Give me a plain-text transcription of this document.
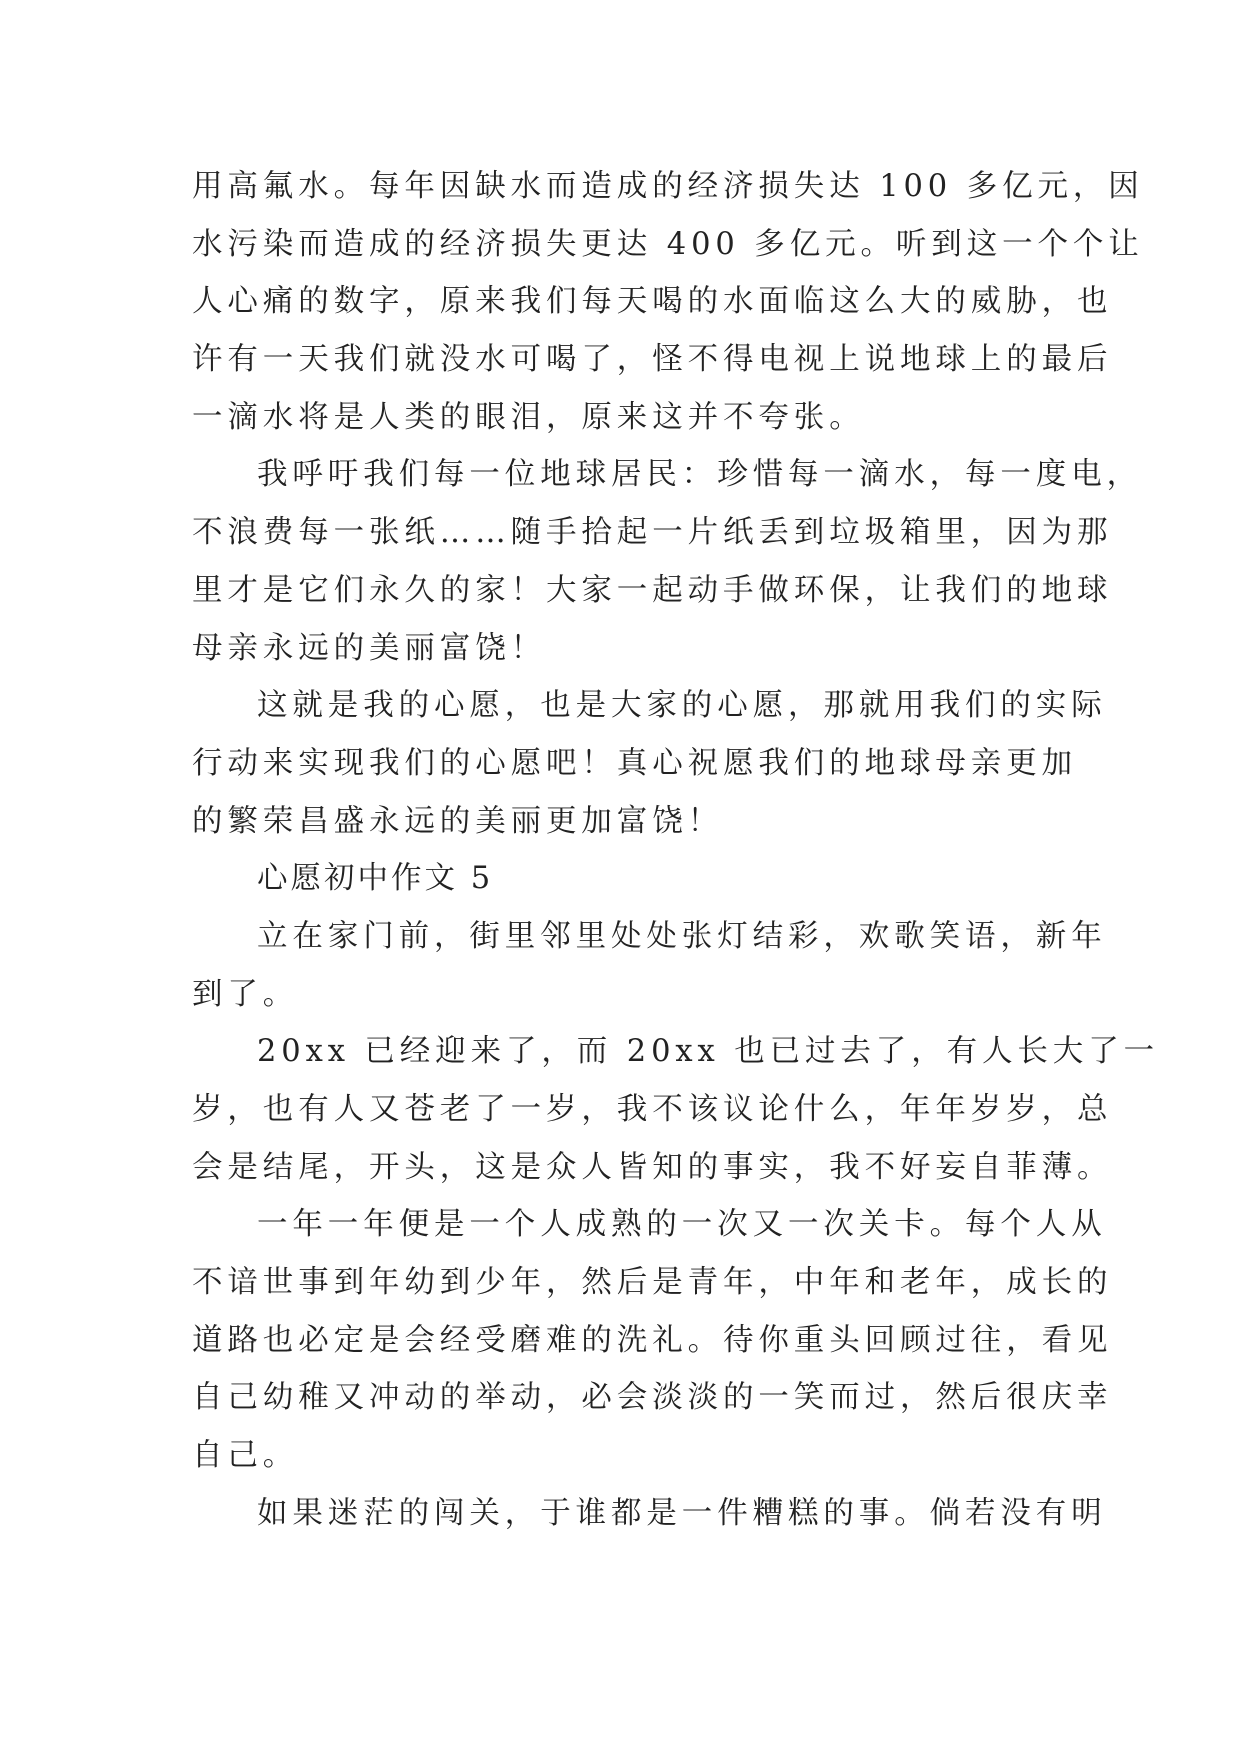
用高氟水。每年因缺水而造成的经济损失达 100 多亿元，因
水污染而造成的经济损失更达 400 多亿元。听到这一个个让
人心痛的数字，原来我们每天喝的水面临这么大的威胁，也
许有一天我们就没水可喝了，怪不得电视上说地球上的最后
一滴水将是人类的眼泪，原来这并不夸张。
我呼吁我们每一位地球居民：珍惜每一滴水，每一度电，
不浪费每一张纸……随手拾起一片纸丢到垃圾箱里，因为那
里才是它们永久的家！大家一起动手做环保，让我们的地球
母亲永远的美丽富饶！
这就是我的心愿，也是大家的心愿，那就用我们的实际
行动来实现我们的心愿吧！真心祝愿我们的地球母亲更加
的繁荣昌盛永远的美丽更加富饶！
心愿初中作文 5
立在家门前，街里邻里处处张灯结彩，欢歌笑语，新年
到了。
20xx 已经迎来了，而 20xx 也已过去了，有人长大了一
岁，也有人又苍老了一岁，我不该议论什么，年年岁岁，总
会是结尾，开头，这是众人皆知的事实，我不好妄自菲薄。
一年一年便是一个人成熟的一次又一次关卡。每个人从
不谙世事到年幼到少年，然后是青年，中年和老年，成长的
道路也必定是会经受磨难的洗礼。待你重头回顾过往，看见
自己幼稚又冲动的举动，必会淡淡的一笑而过，然后很庆幸
自己。
如果迷茫的闯关，于谁都是一件糟糕的事。倘若没有明
